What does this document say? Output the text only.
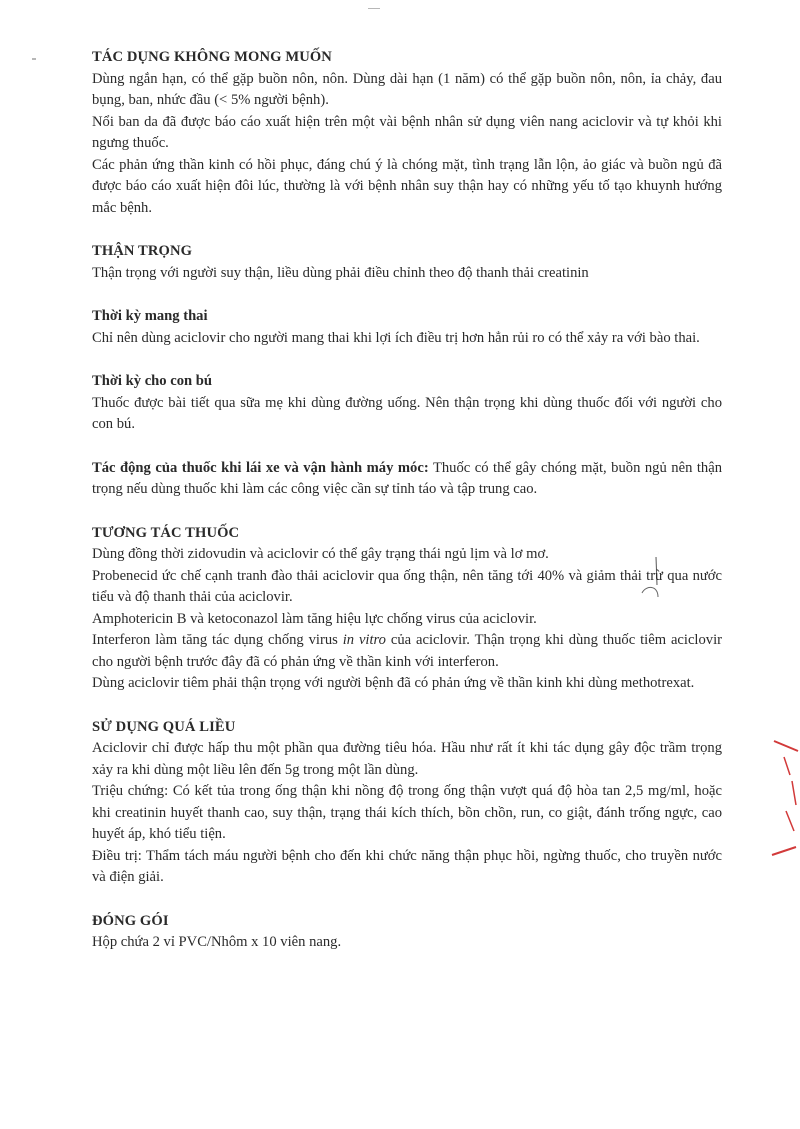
TÁC DỤNG KHÔNG MONG MUỐN

Dùng ngắn hạn, có thể gặp buồn nôn, nôn. Dùng dài hạn (1 năm) có thể gặp buồn nôn, nôn, ỉa chảy, đau bụng, ban, nhức đầu (< 5% người bệnh).

Nổi ban da đã được báo cáo xuất hiện trên một vài bệnh nhân sử dụng viên nang aciclovir và tự khỏi khi ngưng thuốc.

Các phản ứng thần kinh có hồi phục, đáng chú ý là chóng mặt, tình trạng lẫn lộn, ảo giác và buồn ngủ đã được báo cáo xuất hiện đôi lúc, thường là với bệnh nhân suy thận hay có những yếu tố tạo khuynh hướng mắc bệnh.

THẬN TRỌNG

Thận trọng với người suy thận, liều dùng phải điều chỉnh theo độ thanh thải creatinin

Thời kỳ mang thai

Chỉ nên dùng aciclovir cho người mang thai khi lợi ích điều trị hơn hẳn rủi ro có thể xảy ra với bào thai.

Thời kỳ cho con bú

Thuốc được bài tiết qua sữa mẹ khi dùng đường uống. Nên thận trọng khi dùng thuốc đối với người cho con bú.

Tác động của thuốc khi lái xe và vận hành máy móc: Thuốc có thể gây chóng mặt, buồn ngủ nên thận trọng nếu dùng thuốc khi làm các công việc cần sự tỉnh táo và tập trung cao.

TƯƠNG TÁC THUỐC

Dùng đồng thời zidovudin và aciclovir có thể gây trạng thái ngủ lịm và lơ mơ.

Probenecid ức chế cạnh tranh đào thải aciclovir qua ống thận, nên tăng tới 40% và giảm thải trừ qua nước tiểu và độ thanh thải của aciclovir.

Amphotericin B và ketoconazol làm tăng hiệu lực chống virus của aciclovir.

Interferon làm tăng tác dụng chống virus in vitro của aciclovir. Thận trọng khi dùng thuốc tiêm aciclovir cho người bệnh trước đây đã có phản ứng về thần kinh với interferon.

Dùng aciclovir tiêm phải thận trọng với người bệnh đã có phản ứng về thần kinh khi dùng methotrexat.

SỬ DỤNG QUÁ LIỀU

Aciclovir chỉ được hấp thu một phần qua đường tiêu hóa. Hầu như rất ít khi tác dụng gây độc trầm trọng xảy ra khi dùng một liều lên đến 5g trong một lần dùng.

Triệu chứng: Có kết tủa trong ống thận khi nồng độ trong ống thận vượt quá độ hòa tan 2,5 mg/ml, hoặc khi creatinin huyết thanh cao, suy thận, trạng thái kích thích, bồn chồn, run, co giật, đánh trống ngực, cao huyết áp, khó tiểu tiện.

Điều trị: Thẩm tách máu người bệnh cho đến khi chức năng thận phục hồi, ngừng thuốc, cho truyền nước và điện giải.

ĐÓNG GÓI

Hộp chứa 2 vỉ PVC/Nhôm x 10 viên nang.
